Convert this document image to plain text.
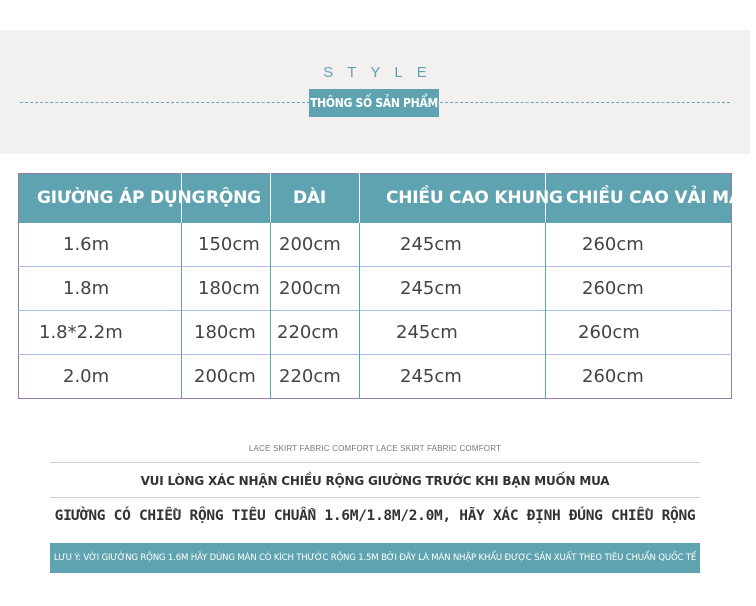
STYLE
THÔNG SỐ SẢN PHẨM
GIƯỜNG ÁP DỤNG	RỘNG	DÀI	CHIỀU CAO KHUNG	CHIỀU CAO VẢI MÀN
1.6m	150cm	200cm	245cm	260cm
1.8m	180cm	200cm	245cm	260cm
1.8*2.2m	180cm	220cm	245cm	260cm
2.0m	200cm	220cm	245cm	260cm
LACE SKIRT FABRIC COMFORT LACE SKIRT FABRIC COMFORT
VUI LÒNG XÁC NHẬN CHIỀU RỘNG GIƯỜNG TRƯỚC KHI BẠN MUỐN MUA
GIƯỜNG CÓ CHIỀU RỘNG TIÊU CHUẨN 1.6M/1.8M/2.0M, HÃY XÁC ĐỊNH ĐÚNG CHIỀU RỘNG
LƯU Ý: VỚI GIƯỜNG RỘNG 1.6M HÃY DÙNG MÀN CÓ KÍCH THƯỚC RỘNG 1.5M BỞI ĐÂY LÀ MÀN NHẬP KHẨU ĐƯỢC SẢN XUẤT THEO TIÊU CHUẨN QUỐC TẾ
